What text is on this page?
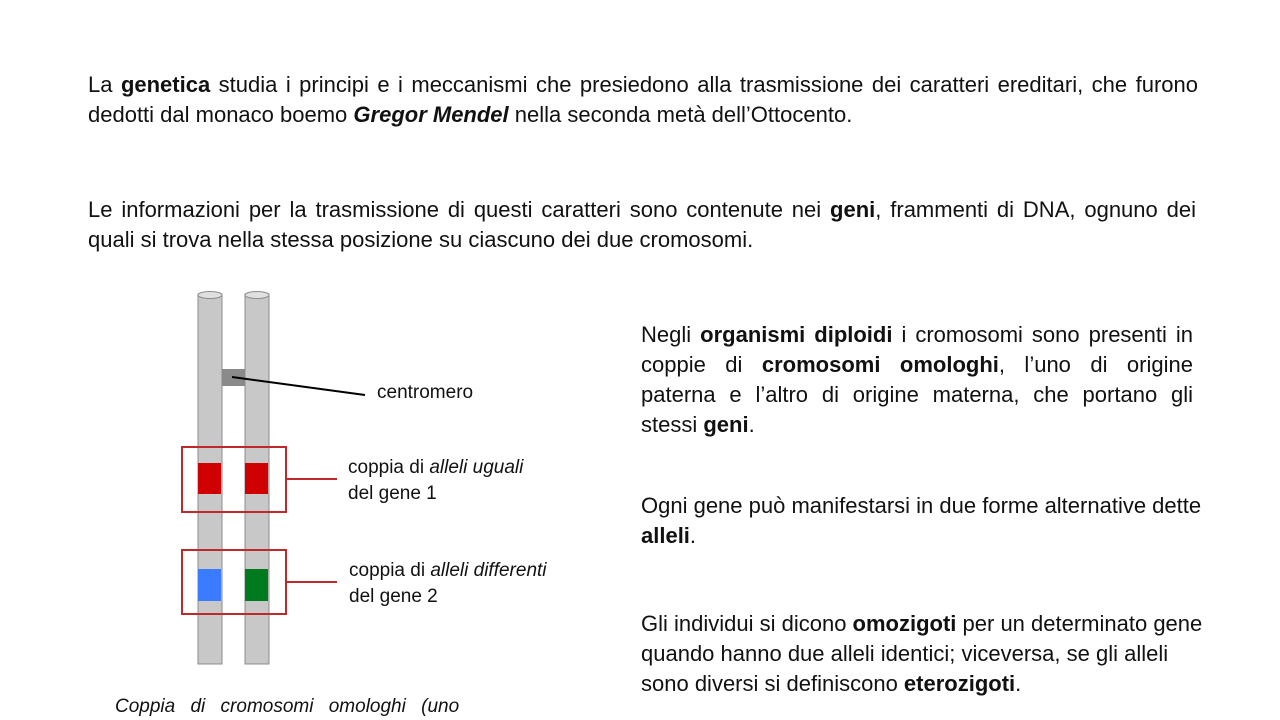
La genetica studia i principi e i meccanismi che presiedono alla trasmissione dei caratteri ereditari, che furono dedotti dal monaco boemo Gregor Mendel nella seconda metà dell’Ottocento.

Le informazioni per la trasmissione di questi caratteri sono contenute nei geni, frammenti di DNA, ognuno dei quali si trova nella stessa posizione su ciascuno dei due cromosomi.

centromero
coppia di alleli uguali
del gene 1
coppia di alleli differenti
del gene 2
Coppia di cromosomi omologhi (uno

Negli organismi diploidi i cromosomi sono presenti in coppie di cromosomi omologhi, l’uno di origine paterna e l’altro di origine materna, che portano gli stessi geni.

Ogni gene può manifestarsi in due forme alternative dette alleli.

Gli individui si dicono omozigoti per un determinato gene quando hanno due alleli identici; viceversa, se gli alleli sono diversi si definiscono eterozigoti.
